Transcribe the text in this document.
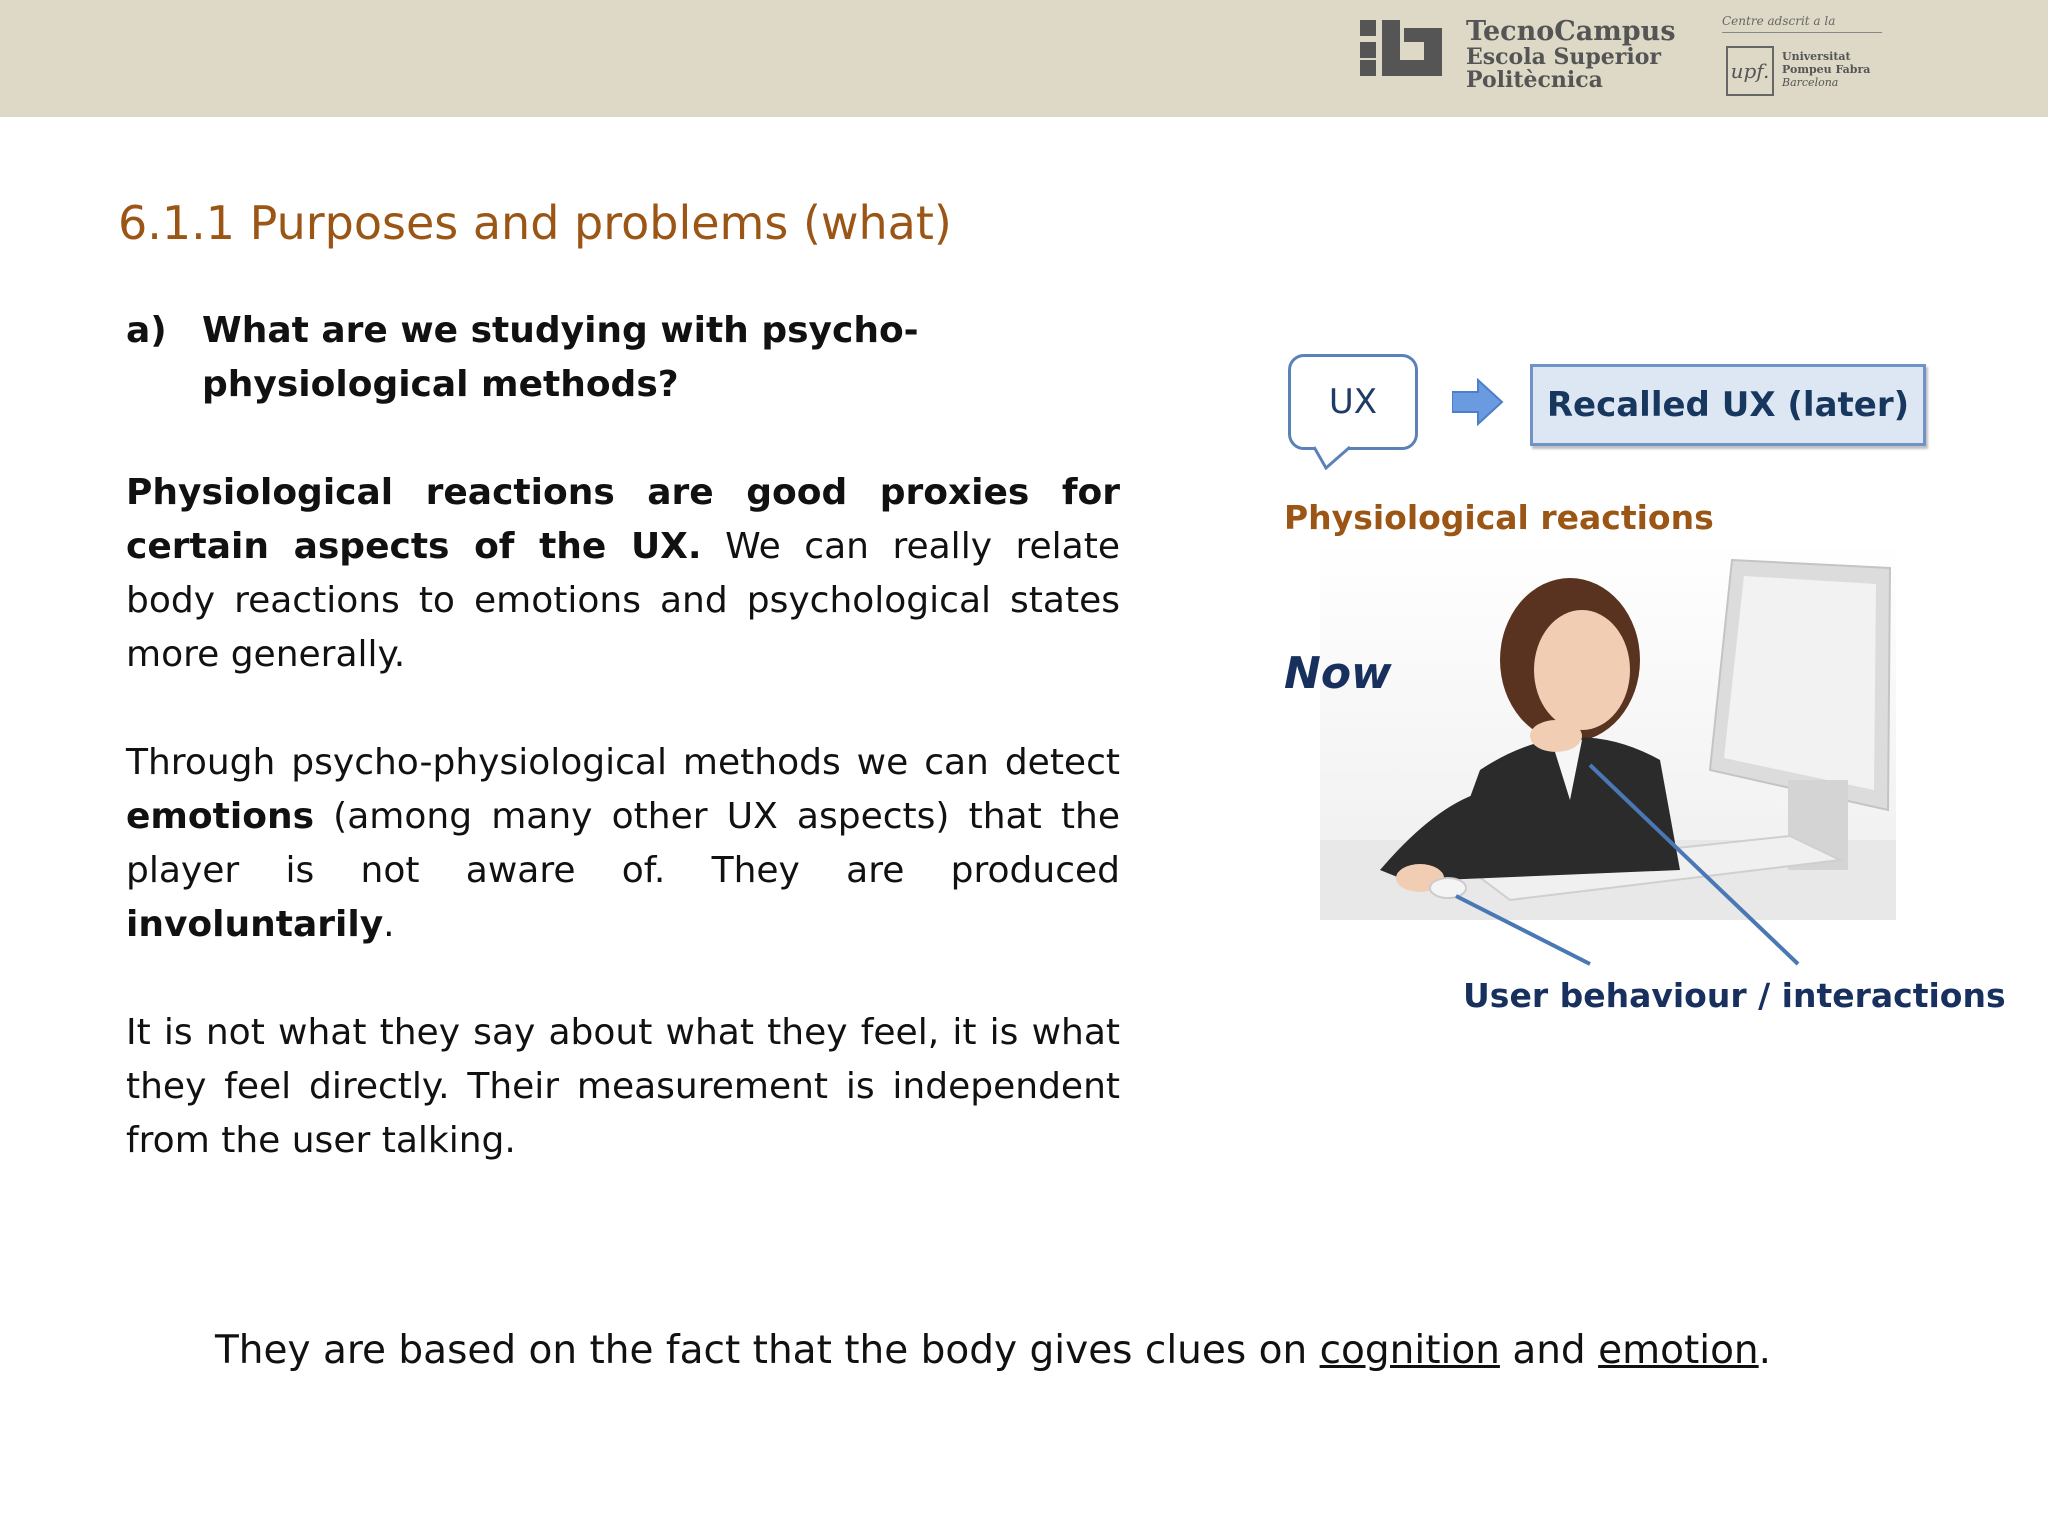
TecnoCampus
Escola Superior
Politècnica
Centre adscrit a la
upf.
Universitat
Pompeu Fabra
Barcelona
6.1.1 Purposes and problems (what)
a) What are we studying with psycho-physiological methods?

Physiological reactions are good proxies for certain aspects of the UX. We can really relate body reactions to emotions and psychological states more generally.

Through psycho-physiological methods we can detect emotions (among many other UX aspects) that the player is not aware of. They are produced involuntarily.

It is not what they say about what they feel, it is what they feel directly. Their measurement is independent from the user talking.

UX	Recalled UX (later)
Physiological reactions
Now
User behaviour / interactions
They are based on the fact that the body gives clues on cognition and emotion.
